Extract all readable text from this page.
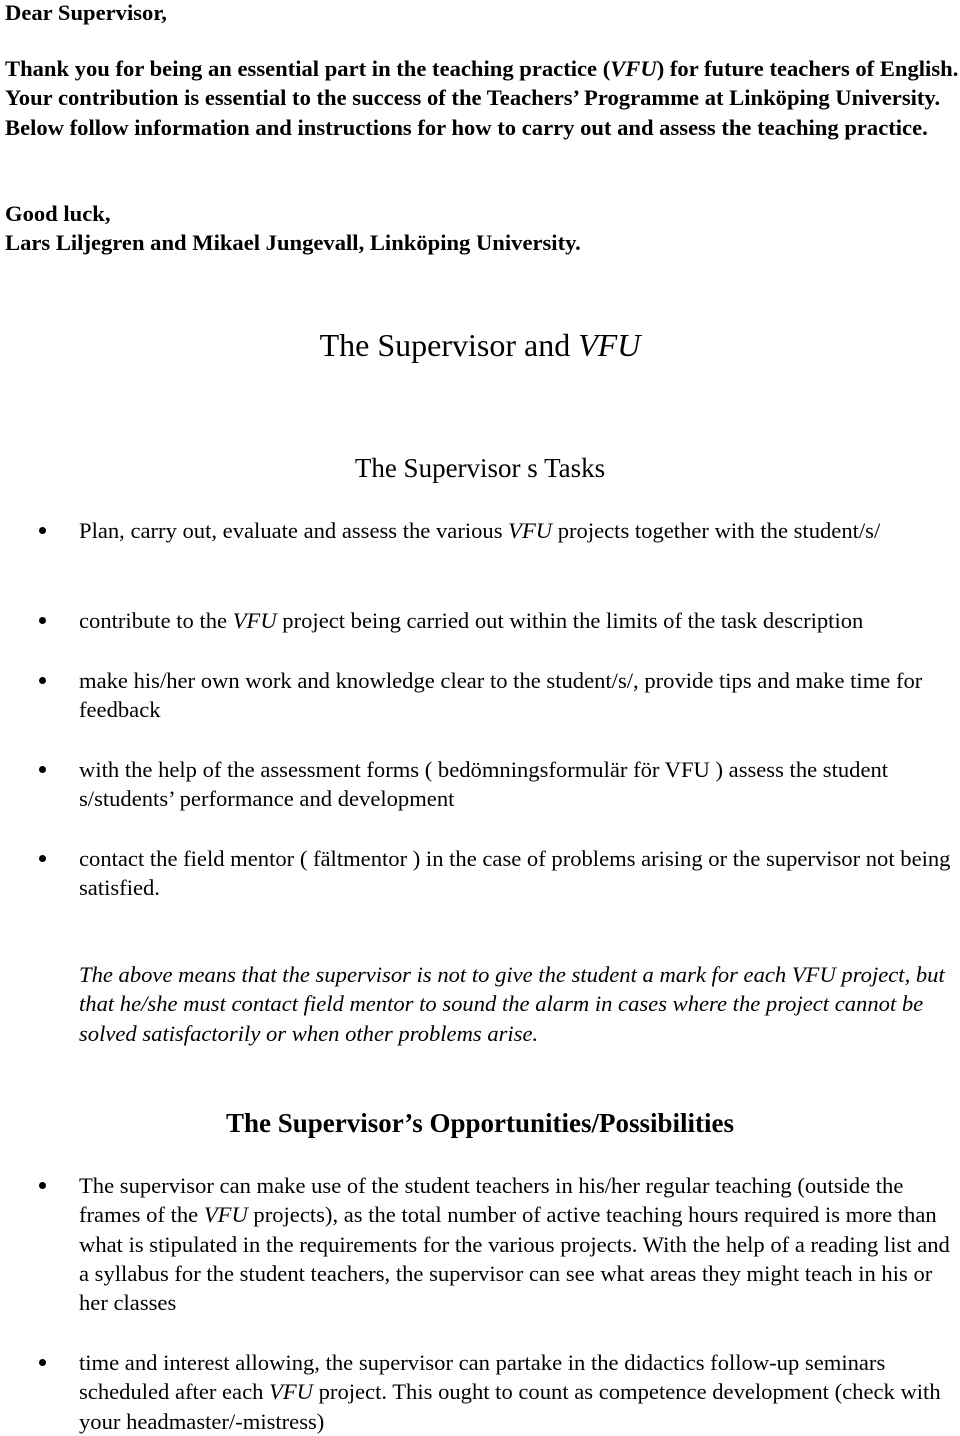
Dear Supervisor,

Thank you for being an essential part in the teaching practice (VFU) for future teachers of English. Your contribution is essential to the success of the Teachers’ Programme at Linköping University. Below follow information and instructions for how to carry out and assess the teaching practice.

Good luck,
Lars Liljegren and Mikael Jungevall, Linköping University.

The Supervisor and VFU
The Supervisor s Tasks

Plan, carry out, evaluate and assess the various VFU projects together with the student/s/

contribute to the VFU project being carried out within the limits of the task description

make his/her own work and knowledge clear to the student/s/, provide tips and make time for feedback

with the help of the assessment forms ( bedömningsformulär för VFU ) assess the student s/students’ performance and development

contact the field mentor ( fältmentor ) in the case of problems arising or the supervisor not being satisfied.

The above means that the supervisor is not to give the student a mark for each VFU project, but that he/she must contact field mentor to sound the alarm in cases where the project cannot be solved satisfactorily or when other problems arise.

The Supervisor’s Opportunities/Possibilities

The supervisor can make use of the student teachers in his/her regular teaching (outside the frames of the VFU projects), as the total number of active teaching hours required is more than what is stipulated in the requirements for the various projects. With the help of a reading list and a syllabus for the student teachers, the supervisor can see what areas they might teach in his or her classes

time and interest allowing, the supervisor can partake in the didactics follow-up seminars scheduled after each VFU project. This ought to count as competence development (check with your headmaster/-mistress)
